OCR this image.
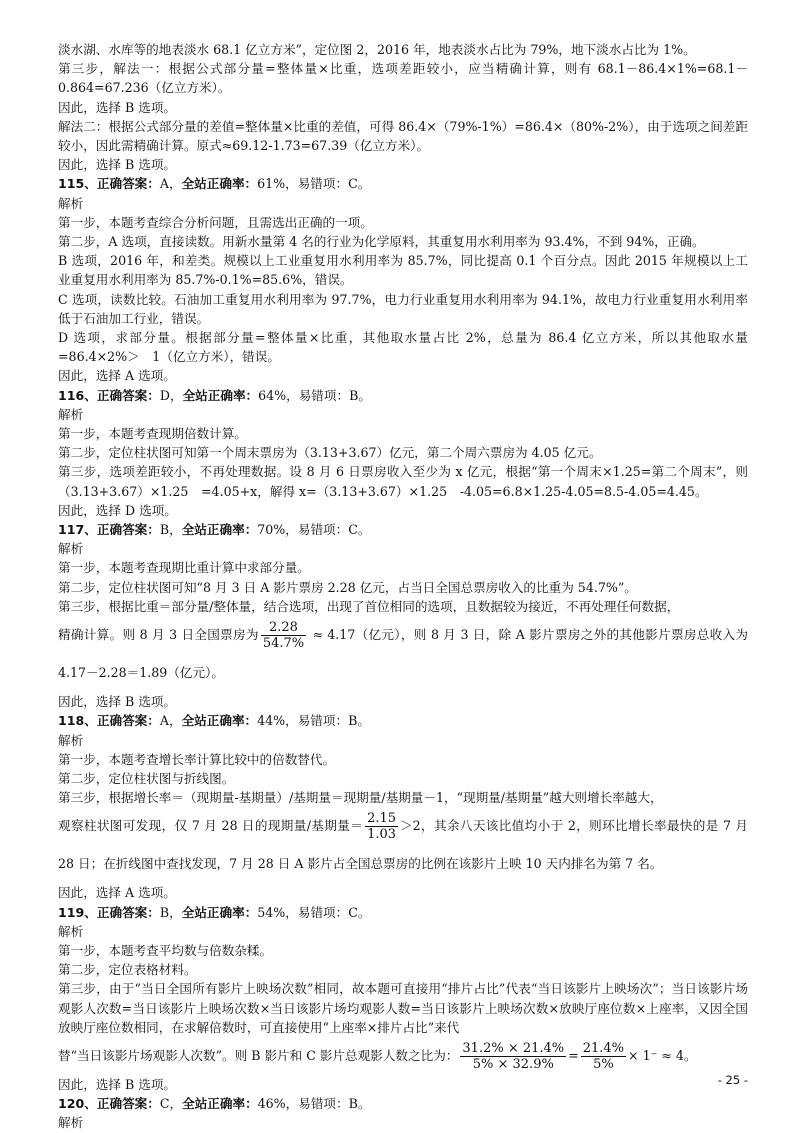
淡水湖、水库等的地表淡水 68.1 亿立方米”，定位图 2，2016 年，地表淡水占比为 79%，地下淡水占比为 1%。

第三步，解法一：根据公式部分量=整体量×比重，选项差距较小，应当精确计算，则有 68.1－86.4×1%=68.1－0.864=67.236（亿立方米）。

因此，选择 B 选项。

解法二：根据公式部分量的差值=整体量×比重的差值，可得 86.4×（79%-1%）=86.4×（80%-2%），由于选项之间差距较小，因此需精确计算。原式≈69.12-1.73=67.39（亿立方米）。

因此，选择 B 选项。

115、正确答案：A，全站正确率：61%，易错项：C。

解析

第一步，本题考查综合分析问题，且需选出正确的一项。

第二步，A 选项，直接读数。用新水量第 4 名的行业为化学原料，其重复用水利用率为 93.4%，不到 94%，正确。

B 选项，2016 年，和差类。规模以上工业重复用水利用率为 85.7%，同比提高 0.1 个百分点。因此 2015 年规模以上工业重复用水利用率为 85.7%-0.1%=85.6%，错误。

C 选项，读数比较。石油加工重复用水利用率为 97.7%，电力行业重复用水利用率为 94.1%，故电力行业重复用水利用率低于石油加工行业，错误。

D 选项，求部分量。根据部分量=整体量×比重，其他取水量占比 2%，总量为 86.4 亿立方米，所以其他取水量=86.4×2%＞　1（亿立方米），错误。

因此，选择 A 选项。

116、正确答案：D，全站正确率：64%，易错项：B。

解析

第一步，本题考查现期倍数计算。

第二步，定位柱状图可知第一个周末票房为（3.13+3.67）亿元，第二个周六票房为 4.05 亿元。

第三步，选项差距较小，不再处理数据。设 8 月 6 日票房收入至少为 x 亿元，根据“第一个周末×1.25=第二个周末”，则（3.13+3.67）×1.25　=4.05+x，解得 x=（3.13+3.67）×1.25　-4.05=6.8×1.25-4.05=8.5-4.05=4.45。

因此，选择 D 选项。

117、正确答案：B，全站正确率：70%，易错项：C。

解析

第一步，本题考查现期比重计算中求部分量。

第二步，定位柱状图可知“8 月 3 日 A 影片票房 2.28 亿元，占当日全国总票房收入的比重为 54.7%”。

第三步，根据比重＝部分量/整体量，结合选项，出现了首位相同的选项，且数据较为接近，不再处理任何数据，

精确计算。则 8 月 3 日全国票房为 $\frac{2.28}{54.7\%} \approx 4.17$（亿元），则 8 月 3 日，除 A 影片票房之外的其他影片票房总收入为 4.17－2.28＝1.89（亿元）。

因此，选择 B 选项。

118、正确答案：A，全站正确率：44%，易错项：B。

解析

第一步，本题考查增长率计算比较中的倍数替代。

第二步，定位柱状图与折线图。

第三步，根据增长率＝（现期量-基期量）/基期量＝现期量/基期量－1，“现期量/基期量”越大则增长率越大，

观察柱状图可发现，仅 7 月 28 日的现期量/基期量＝ $\frac{2.15}{1.03} >2$，其余八天该比值均小于 2，则环比增长率最快的是 7 月 28 日；在折线图中查找发现，7 月 28 日 A 影片占全国总票房的比例在该影片上映 10 天内排名为第 7 名。

因此，选择 A 选项。

119、正确答案：B，全站正确率：54%，易错项：C。

解析

第一步，本题考查平均数与倍数杂糅。

第二步，定位表格材料。

第三步，由于“当日全国所有影片上映场次数”相同，故本题可直接用“排片占比”代表“当日该影片上映场次”；当日该影片场观影人次数=当日该影片上映场次数×当日该影片场均观影人数=当日该影片上映场次数×放映厅座位数×上座率，又因全国放映厅座位数相同，在求解倍数时，可直接使用“上座率×排片占比”来代

替“当日该影片场观影人次数”。则 B 影片和 C 影片总观影人数之比为： $\frac{31.2\% \times 21.4\%}{5\% \times 32.9\%} = \frac{21.4\%}{5\%} \times 1^- \approx 4$。

因此，选择 B 选项。

120、正确答案：C，全站正确率：46%，易错项：B。

解析

- 25 -
